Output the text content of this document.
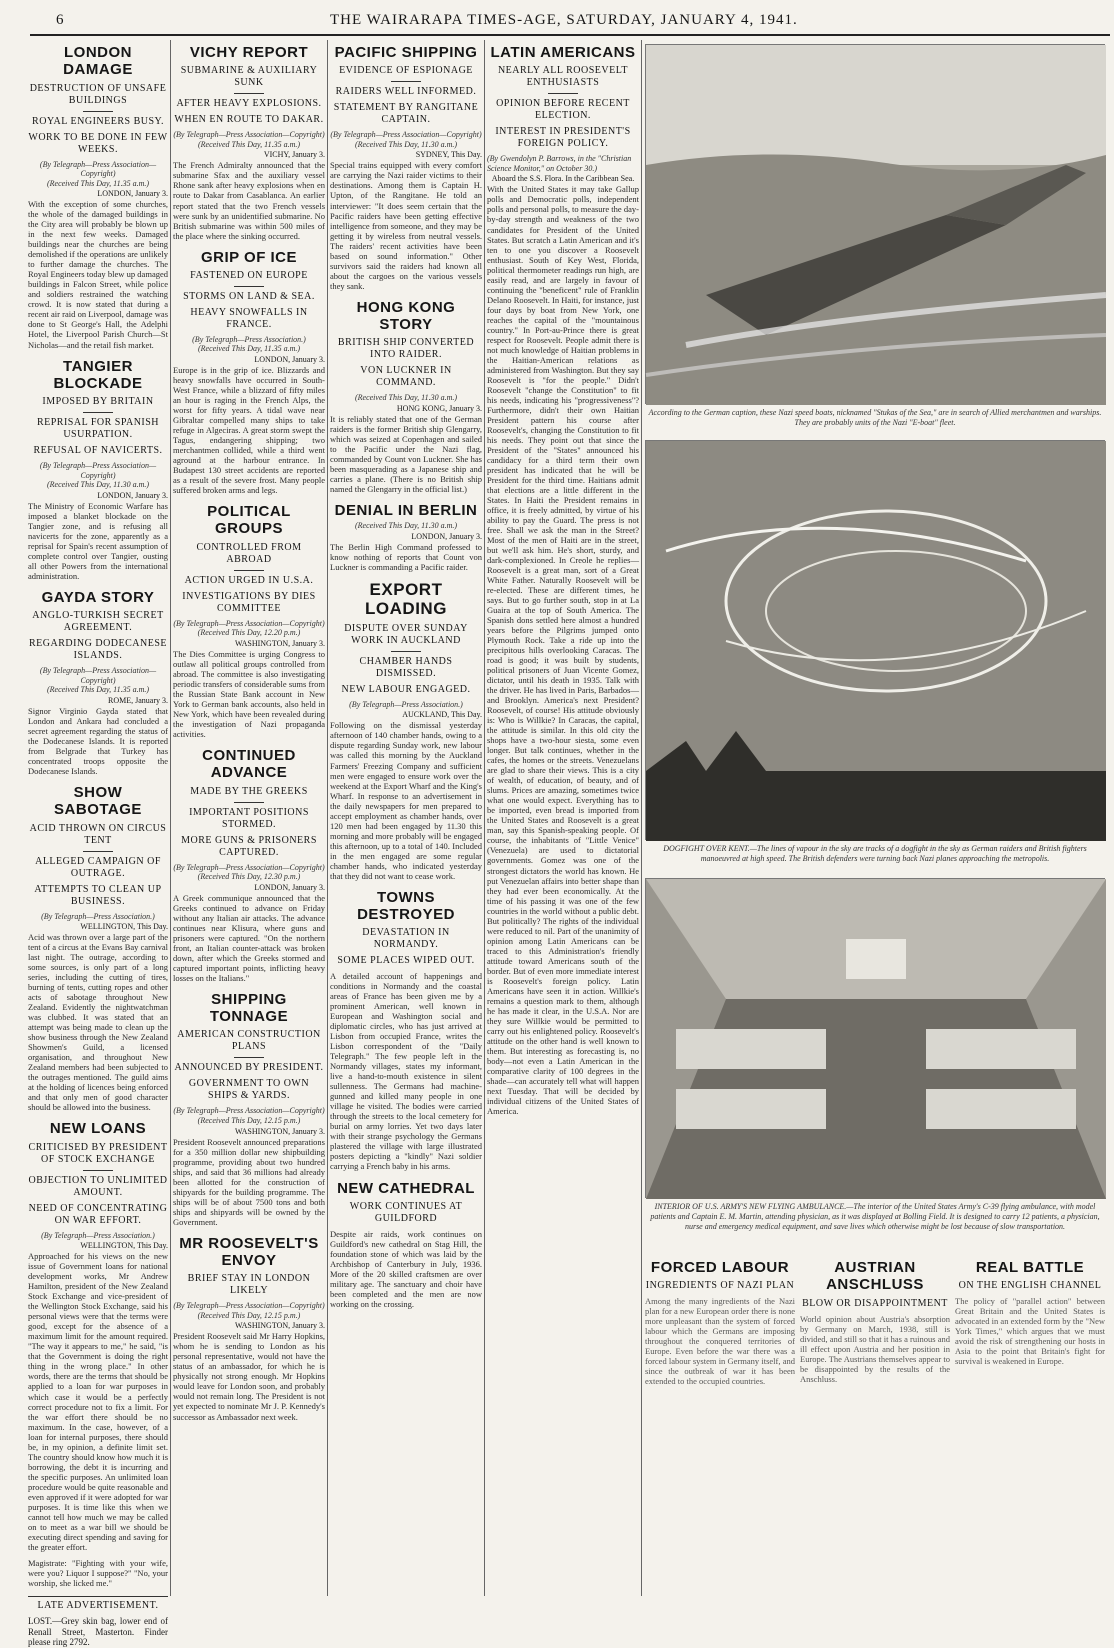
6	THE WAIRARAPA TIMES-AGE, SATURDAY, JANUARY 4, 1941.
LONDON DAMAGE
DESTRUCTION OF UNSAFE BUILDINGS
ROYAL ENGINEERS BUSY.
WORK TO BE DONE IN FEW WEEKS.
(By Telegraph—Press Association—Copyright)
(Received This Day, 11.35 a.m.)
LONDON, January 3.
With the exception of some churches, the whole of the damaged buildings in the City area will probably be blown up in the next few weeks. Damaged buildings near the churches are being demolished if the operations are unlikely to further damage the churches. The Royal Engineers today blew up damaged buildings in Falcon Street, while police and soldiers restrained the watching crowd. It is now stated that during a recent air raid on Liverpool, damage was done to St George's Hall, the Adelphi Hotel, the Liverpool Parish Church—St Nicholas—and the retail fish market.
TANGIER BLOCKADE
IMPOSED BY BRITAIN
REPRISAL FOR SPANISH USURPATION.
REFUSAL OF NAVICERTS.
(By Telegraph—Press Association—Copyright)
(Received This Day, 11.30 a.m.)
LONDON, January 3.
The Ministry of Economic Warfare has imposed a blanket blockade on the Tangier zone, and is refusing all navicerts for the zone, apparently as a reprisal for Spain's recent assumption of complete control over Tangier, ousting all other Powers from the international administration.
GAYDA STORY
ANGLO-TURKISH SECRET AGREEMENT.
REGARDING DODECANESE ISLANDS.
(By Telegraph—Press Association—Copyright)
(Received This Day, 11.35 a.m.)
ROME, January 3.
Signor Virginio Gayda stated that London and Ankara had concluded a secret agreement regarding the status of the Dodecanese Islands. It is reported from Belgrade that Turkey has concentrated troops opposite the Dodecanese Islands.
SHOW SABOTAGE
ACID THROWN ON CIRCUS TENT
ALLEGED CAMPAIGN OF OUTRAGE.
ATTEMPTS TO CLEAN UP BUSINESS.
(By Telegraph—Press Association.)
WELLINGTON, This Day.
Acid was thrown over a large part of the tent of a circus at the Evans Bay carnival last night. The outrage, according to some sources, is only part of a long series, including the cutting of tires, burning of tents, cutting ropes and other acts of sabotage throughout New Zealand. Evidently the nightwatchman was clubbed. It was stated that an attempt was being made to clean up the show business through the New Zealand Showmen's Guild, a licensed organisation, and throughout New Zealand members had been subjected to the outrages mentioned. The guild aims at the holding of licences being enforced and that only men of good character should be allowed into the business.
NEW LOANS
CRITICISED BY PRESIDENT OF STOCK EXCHANGE
OBJECTION TO UNLIMITED AMOUNT.
NEED OF CONCENTRATING ON WAR EFFORT.
(By Telegraph—Press Association.)
WELLINGTON, This Day.
Approached for his views on the new issue of Government loans for national development works, Mr Andrew Hamilton, president of the New Zealand Stock Exchange and vice-president of the Wellington Stock Exchange, said his personal views were that the terms were good, except for the absence of a maximum limit for the amount required. "The way it appears to me," he said, "is that the Government is doing the right thing in the wrong place." In other words, there are the terms that should be applied to a loan for war purposes in which case it would be a perfectly correct procedure not to fix a limit. For the war effort there should be no maximum. In the case, however, of a loan for internal purposes, there should be, in my opinion, a definite limit set. The country should know how much it is borrowing, the debt it is incurring and the specific purposes. An unlimited loan procedure would be quite reasonable and even approved if it were adopted for war purposes. It is time like this when we cannot tell how much we may be called on to meet as a war bill we should be executing direct spending and saving for the greater effort.
Magistrate: "Fighting with your wife, were you? Liquor I suppose?" "No, your worship, she licked me."
LATE ADVERTISEMENT.
LOST.—Grey skin bag, lower end of Renall Street, Masterton. Finder please ring 2792.
VICHY REPORT
SUBMARINE & AUXILIARY SUNK
AFTER HEAVY EXPLOSIONS.
WHEN EN ROUTE TO DAKAR.
(By Telegraph—Press Association—Copyright)
(Received This Day, 11.35 a.m.)
VICHY, January 3.
The French Admiralty announced that the submarine Sfax and the auxiliary vessel Rhone sank after heavy explosions when en route to Dakar from Casablanca. An earlier report stated that the two French vessels were sunk by an unidentified submarine. No British submarine was within 500 miles of the place where the sinking occurred.
GRIP OF ICE
FASTENED ON EUROPE
STORMS ON LAND & SEA.
HEAVY SNOWFALLS IN FRANCE.
(By Telegraph—Press Association.)
(Received This Day, 11.35 a.m.)
LONDON, January 3.
Europe is in the grip of ice. Blizzards and heavy snowfalls have occurred in South-West France, while a blizzard of fifty miles an hour is raging in the French Alps, the worst for fifty years. A tidal wave near Gibraltar compelled many ships to take refuge in Algeciras. A great storm swept the Tagus, endangering shipping; two merchantmen collided, while a third went aground at the harbour entrance. In Budapest 130 street accidents are reported as a result of the severe frost. Many people suffered broken arms and legs.
POLITICAL GROUPS
CONTROLLED FROM ABROAD
ACTION URGED IN U.S.A.
INVESTIGATIONS BY DIES COMMITTEE
(By Telegraph—Press Association—Copyright)
(Received This Day, 12.20 p.m.)
WASHINGTON, January 3.
The Dies Committee is urging Congress to outlaw all political groups controlled from abroad. The committee is also investigating periodic transfers of considerable sums from the Russian State Bank account in New York to German bank accounts, also held in New York, which have been revealed during the investigation of Nazi propaganda activities.
CONTINUED ADVANCE
MADE BY THE GREEKS
IMPORTANT POSITIONS STORMED.
MORE GUNS & PRISONERS CAPTURED.
(By Telegraph—Press Association—Copyright)
(Received This Day, 12.30 p.m.)
LONDON, January 3.
A Greek communique announced that the Greeks continued to advance on Friday without any Italian air attacks. The advance continues near Klisura, where guns and prisoners were captured. "On the northern front, an Italian counter-attack was broken down, after which the Greeks stormed and captured important points, inflicting heavy losses on the Italians."
SHIPPING TONNAGE
AMERICAN CONSTRUCTION PLANS
ANNOUNCED BY PRESIDENT.
GOVERNMENT TO OWN SHIPS & YARDS.
(By Telegraph—Press Association—Copyright)
(Received This Day, 12.15 p.m.)
WASHINGTON, January 3.
President Roosevelt announced preparations for a 350 million dollar new shipbuilding programme, providing about two hundred ships, and said that 36 millions had already been allotted for the construction of shipyards for the building programme. The ships will be of about 7500 tons and both ships and shipyards will be owned by the Government.
MR ROOSEVELT'S ENVOY
BRIEF STAY IN LONDON LIKELY
(By Telegraph—Press Association—Copyright)
(Received This Day, 12.15 p.m.)
WASHINGTON, January 3.
President Roosevelt said Mr Harry Hopkins, whom he is sending to London as his personal representative, would not have the status of an ambassador, for which he is physically not strong enough. Mr Hopkins would leave for London soon, and probably would not remain long. The President is not yet expected to nominate Mr J. P. Kennedy's successor as Ambassador next week.
PACIFIC SHIPPING
EVIDENCE OF ESPIONAGE
RAIDERS WELL INFORMED.
STATEMENT BY RANGITANE CAPTAIN.
(By Telegraph—Press Association—Copyright)
(Received This Day, 11.30 a.m.)
SYDNEY, This Day.
Special trains equipped with every comfort are carrying the Nazi raider victims to their destinations. Among them is Captain H. Upton, of the Rangitane. He told an interviewer: "It does seem certain that the Pacific raiders have been getting effective intelligence from someone, and they may be getting it by wireless from neutral vessels. The raiders' recent activities have been based on sound information." Other survivors said the raiders had known all about the cargoes on the various vessels they sank.
HONG KONG STORY
BRITISH SHIP CONVERTED INTO RAIDER.
VON LUCKNER IN COMMAND.
(Received This Day, 11.30 a.m.)
HONG KONG, January 3.
It is reliably stated that one of the German raiders is the former British ship Glengarry, which was seized at Copenhagen and sailed to the Pacific under the Nazi flag, commanded by Count von Luckner. She has been masquerading as a Japanese ship and carries a plane. (There is no British ship named the Glengarry in the official list.)
DENIAL IN BERLIN
(Received This Day, 11.30 a.m.)
LONDON, January 3.
The Berlin High Command professed to know nothing of reports that Count von Luckner is commanding a Pacific raider.
EXPORT LOADING
DISPUTE OVER SUNDAY WORK IN AUCKLAND
CHAMBER HANDS DISMISSED.
NEW LABOUR ENGAGED.
(By Telegraph—Press Association.)
AUCKLAND, This Day.
Following on the dismissal yesterday afternoon of 140 chamber hands, owing to a dispute regarding Sunday work, new labour was called this morning by the Auckland Farmers' Freezing Company and sufficient men were engaged to ensure work over the weekend at the Export Wharf and the King's Wharf. In response to an advertisement in the daily newspapers for men prepared to accept employment as chamber hands, over 120 men had been engaged by 11.30 this morning and more probably will be engaged this afternoon, up to a total of 140. Included in the men engaged are some regular chamber hands, who indicated yesterday that they did not want to cease work.
TOWNS DESTROYED
DEVASTATION IN NORMANDY.
SOME PLACES WIPED OUT.
A detailed account of happenings and conditions in Normandy and the coastal areas of France has been given me by a prominent American, well known in European and Washington social and diplomatic circles, who has just arrived at Lisbon from occupied France, writes the Lisbon correspondent of the "Daily Telegraph." The few people left in the Normandy villages, states my informant, live a hand-to-mouth existence in silent sullenness. The Germans had machine-gunned and killed many people in one village he visited. The bodies were carried through the streets to the local cemetery for burial on army lorries. Yet two days later with their strange psychology the Germans plastered the village with large illustrated posters depicting a "kindly" Nazi soldier carrying a French baby in his arms.
NEW CATHEDRAL
WORK CONTINUES AT GUILDFORD
Despite air raids, work continues on Guildford's new cathedral on Stag Hill, the foundation stone of which was laid by the Archbishop of Canterbury in July, 1936. More of the 20 skilled craftsmen are over military age. The sanctuary and choir have been completed and the men are now working on the crossing.
LATIN AMERICANS
NEARLY ALL ROOSEVELT ENTHUSIASTS
OPINION BEFORE RECENT ELECTION.
INTEREST IN PRESIDENT'S FOREIGN POLICY.
(By Gwendolyn P. Barrows, in the "Christian Science Monitor," on October 30.)
Aboard the S.S. Flora. In the Caribbean Sea.
With the United States it may take Gallup polls and Democratic polls, independent polls and personal polls, to measure the day-by-day strength and weakness of the two candidates for President of the United States. But scratch a Latin American and it's ten to one you discover a Roosevelt enthusiast. South of Key West, Florida, political thermometer readings run high, are easily read, and are largely in favour of continuing the "beneficent" rule of Franklin Delano Roosevelt. In Haiti, for instance, just four days by boat from New York, one reaches the capital of the "mountainous country." In Port-au-Prince there is great respect for Roosevelt. People admit there is not much knowledge of Haitian problems in the Haitian-American relations as administered from Washington. But they say Roosevelt is "for the people." Didn't Roosevelt "change the Constitution" to fit his needs, indicating his "progressiveness"? Furthermore, didn't their own Haitian President pattern his course after Roosevelt's, changing the Constitution to fit his needs. They point out that since the President of the "States" announced his candidacy for a third term their own president has indicated that he will be President for the third time. Haitians admit that elections are a little different in the States. In Haiti the President remains in office, it is freely admitted, by virtue of his ability to pay the Guard. The press is not free. Shall we ask the man in the Street? Most of the men of Haiti are in the street, but we'll ask him. He's short, sturdy, and dark-complexioned. In Creole he replies—Roosevelt is a great man, sort of a Great White Father. Naturally Roosevelt will be re-elected. These are different times, he says. But to go further south, stop in at La Guaira at the top of South America. The Spanish dons settled here almost a hundred years before the Pilgrims jumped onto Plymouth Rock. Take a ride up into the precipitous hills overlooking Caracas. The road is good; it was built by students, political prisoners of Juan Vicente Gomez, dictator, until his death in 1935. Talk with the driver. He has lived in Paris, Barbados—and Brooklyn. America's next President? Roosevelt, of course! His attitude obviously is: Who is Willkie? In Caracas, the capital, the attitude is similar. In this old city the shops have a two-hour siesta, some even longer. But talk continues, whether in the cafes, the homes or the streets. Venezuelans are glad to share their views. This is a city of wealth, of education, of beauty, and of slums. Prices are amazing, sometimes twice what one would expect. Everything has to be imported, even bread is imported from the United States and Roosevelt is a great man, say this Spanish-speaking people. Of course, the inhabitants of "Little Venice" (Venezuela) are used to dictatorial governments. Gomez was one of the strongest dictators the world has known. He put Venezuelan affairs into better shape than they had ever been economically. At the time of his passing it was one of the few countries in the world without a public debt. But politically? The rights of the individual were reduced to nil. Part of the unanimity of opinion among Latin Americans can be traced to this Administration's friendly attitude toward Americans south of the border. But of even more immediate interest is Roosevelt's foreign policy. Latin Americans have seen it in action. Willkie's remains a question mark to them, although he has made it clear, in the U.S.A. Nor are they sure Willkie would be permitted to carry out his enlightened policy. Roosevelt's attitude on the other hand is well known to them. But interesting as forecasting is, no body—not even a Latin American in the comparative clarity of 100 degrees in the shade—can accurately tell what will happen next Tuesday. That will be decided by individual citizens of the United States of America.
According to the German caption, these Nazi speed boats, nicknamed "Stukas of the Sea," are in search of Allied merchantmen and warships. They are probably units of the Nazi "E-boat" fleet.
DOGFIGHT OVER KENT.—The lines of vapour in the sky are tracks of a dogfight in the sky as German raiders and British fighters manoeuvred at high speed. The British defenders were turning back Nazi planes approaching the metropolis.
INTERIOR OF U.S. ARMY'S NEW FLYING AMBULANCE.—The interior of the United States Army's C-39 flying ambulance, with model patients and Captain E. M. Martin, attending physician, as it was displayed at Bolling Field. It is designed to carry 12 patients, a physician, nurse and emergency medical equipment, and save lives which otherwise might be lost because of slow transportation.
FORCED LABOUR
INGREDIENTS OF NAZI PLAN
Among the many ingredients of the Nazi plan for a new European order there is none more unpleasant than the system of forced labour which the Germans are imposing throughout the conquered territories of Europe. Even before the war there was a forced labour system in Germany itself, and since the outbreak of war it has been extended to the occupied countries.
AUSTRIAN ANSCHLUSS
BLOW OR DISAPPOINTMENT
World opinion about Austria's absorption by Germany on March, 1938, still is divided, and still so that it has a ruinous and ill effect upon Austria and her position in Europe. The Austrians themselves appear to be disappointed by the results of the Anschluss.
REAL BATTLE
ON THE ENGLISH CHANNEL
The policy of "parallel action" between Great Britain and the United States is advocated in an extended form by the "New York Times," which argues that we must avoid the risk of strengthening our hosts in Asia to the point that Britain's fight for survival is weakened in Europe.
